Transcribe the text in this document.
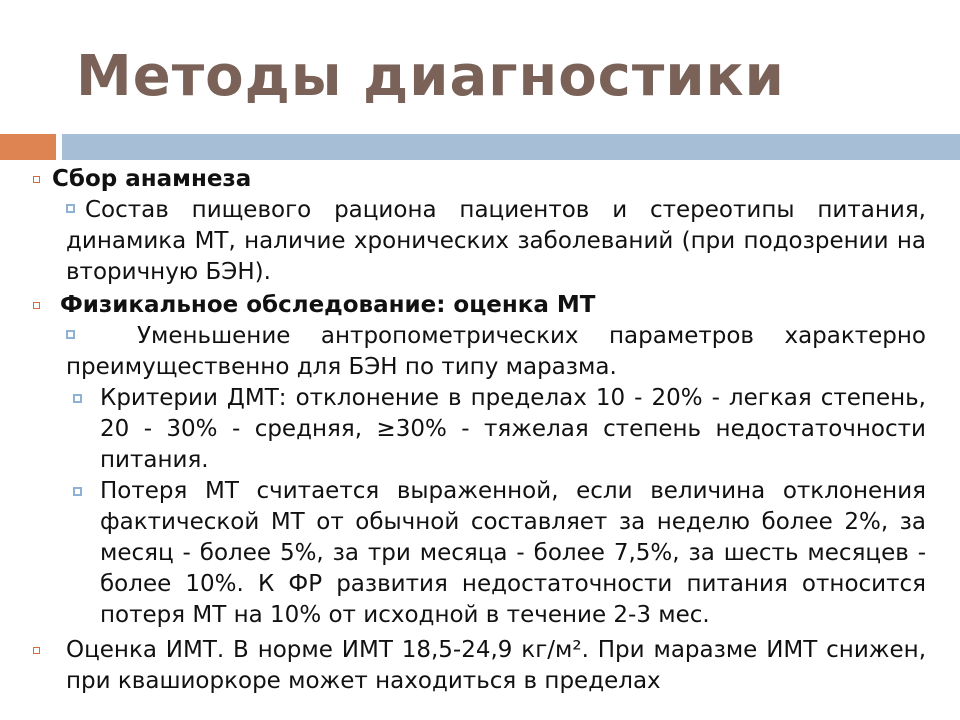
Методы диагностики
Сбор анамнеза
Состав пищевого рациона пациентов и стереотипы питания, динамика МТ, наличие хронических заболеваний (при подозрении на вторичную БЭН).
Физикальное обследование: оценка МТ
Уменьшение антропометрических параметров характерно преимущественно для БЭН по типу маразма.
Критерии ДМТ: отклонение в пределах 10 - 20% - легкая степень, 20 - 30% - средняя, ≥30% - тяжелая степень недостаточности питания.
Потеря МТ считается выраженной, если величина отклонения фактической МТ от обычной составляет за неделю более 2%, за месяц - более 5%, за три месяца - более 7,5%, за шесть месяцев - более 10%. К ФР развития недостаточности питания относится потеря МТ на 10% от исходной в течение 2-3 мес.
Оценка ИМТ. В норме ИМТ 18,5-24,9 кг/м². При маразме ИМТ снижен, при квашиоркоре может находиться в пределах
